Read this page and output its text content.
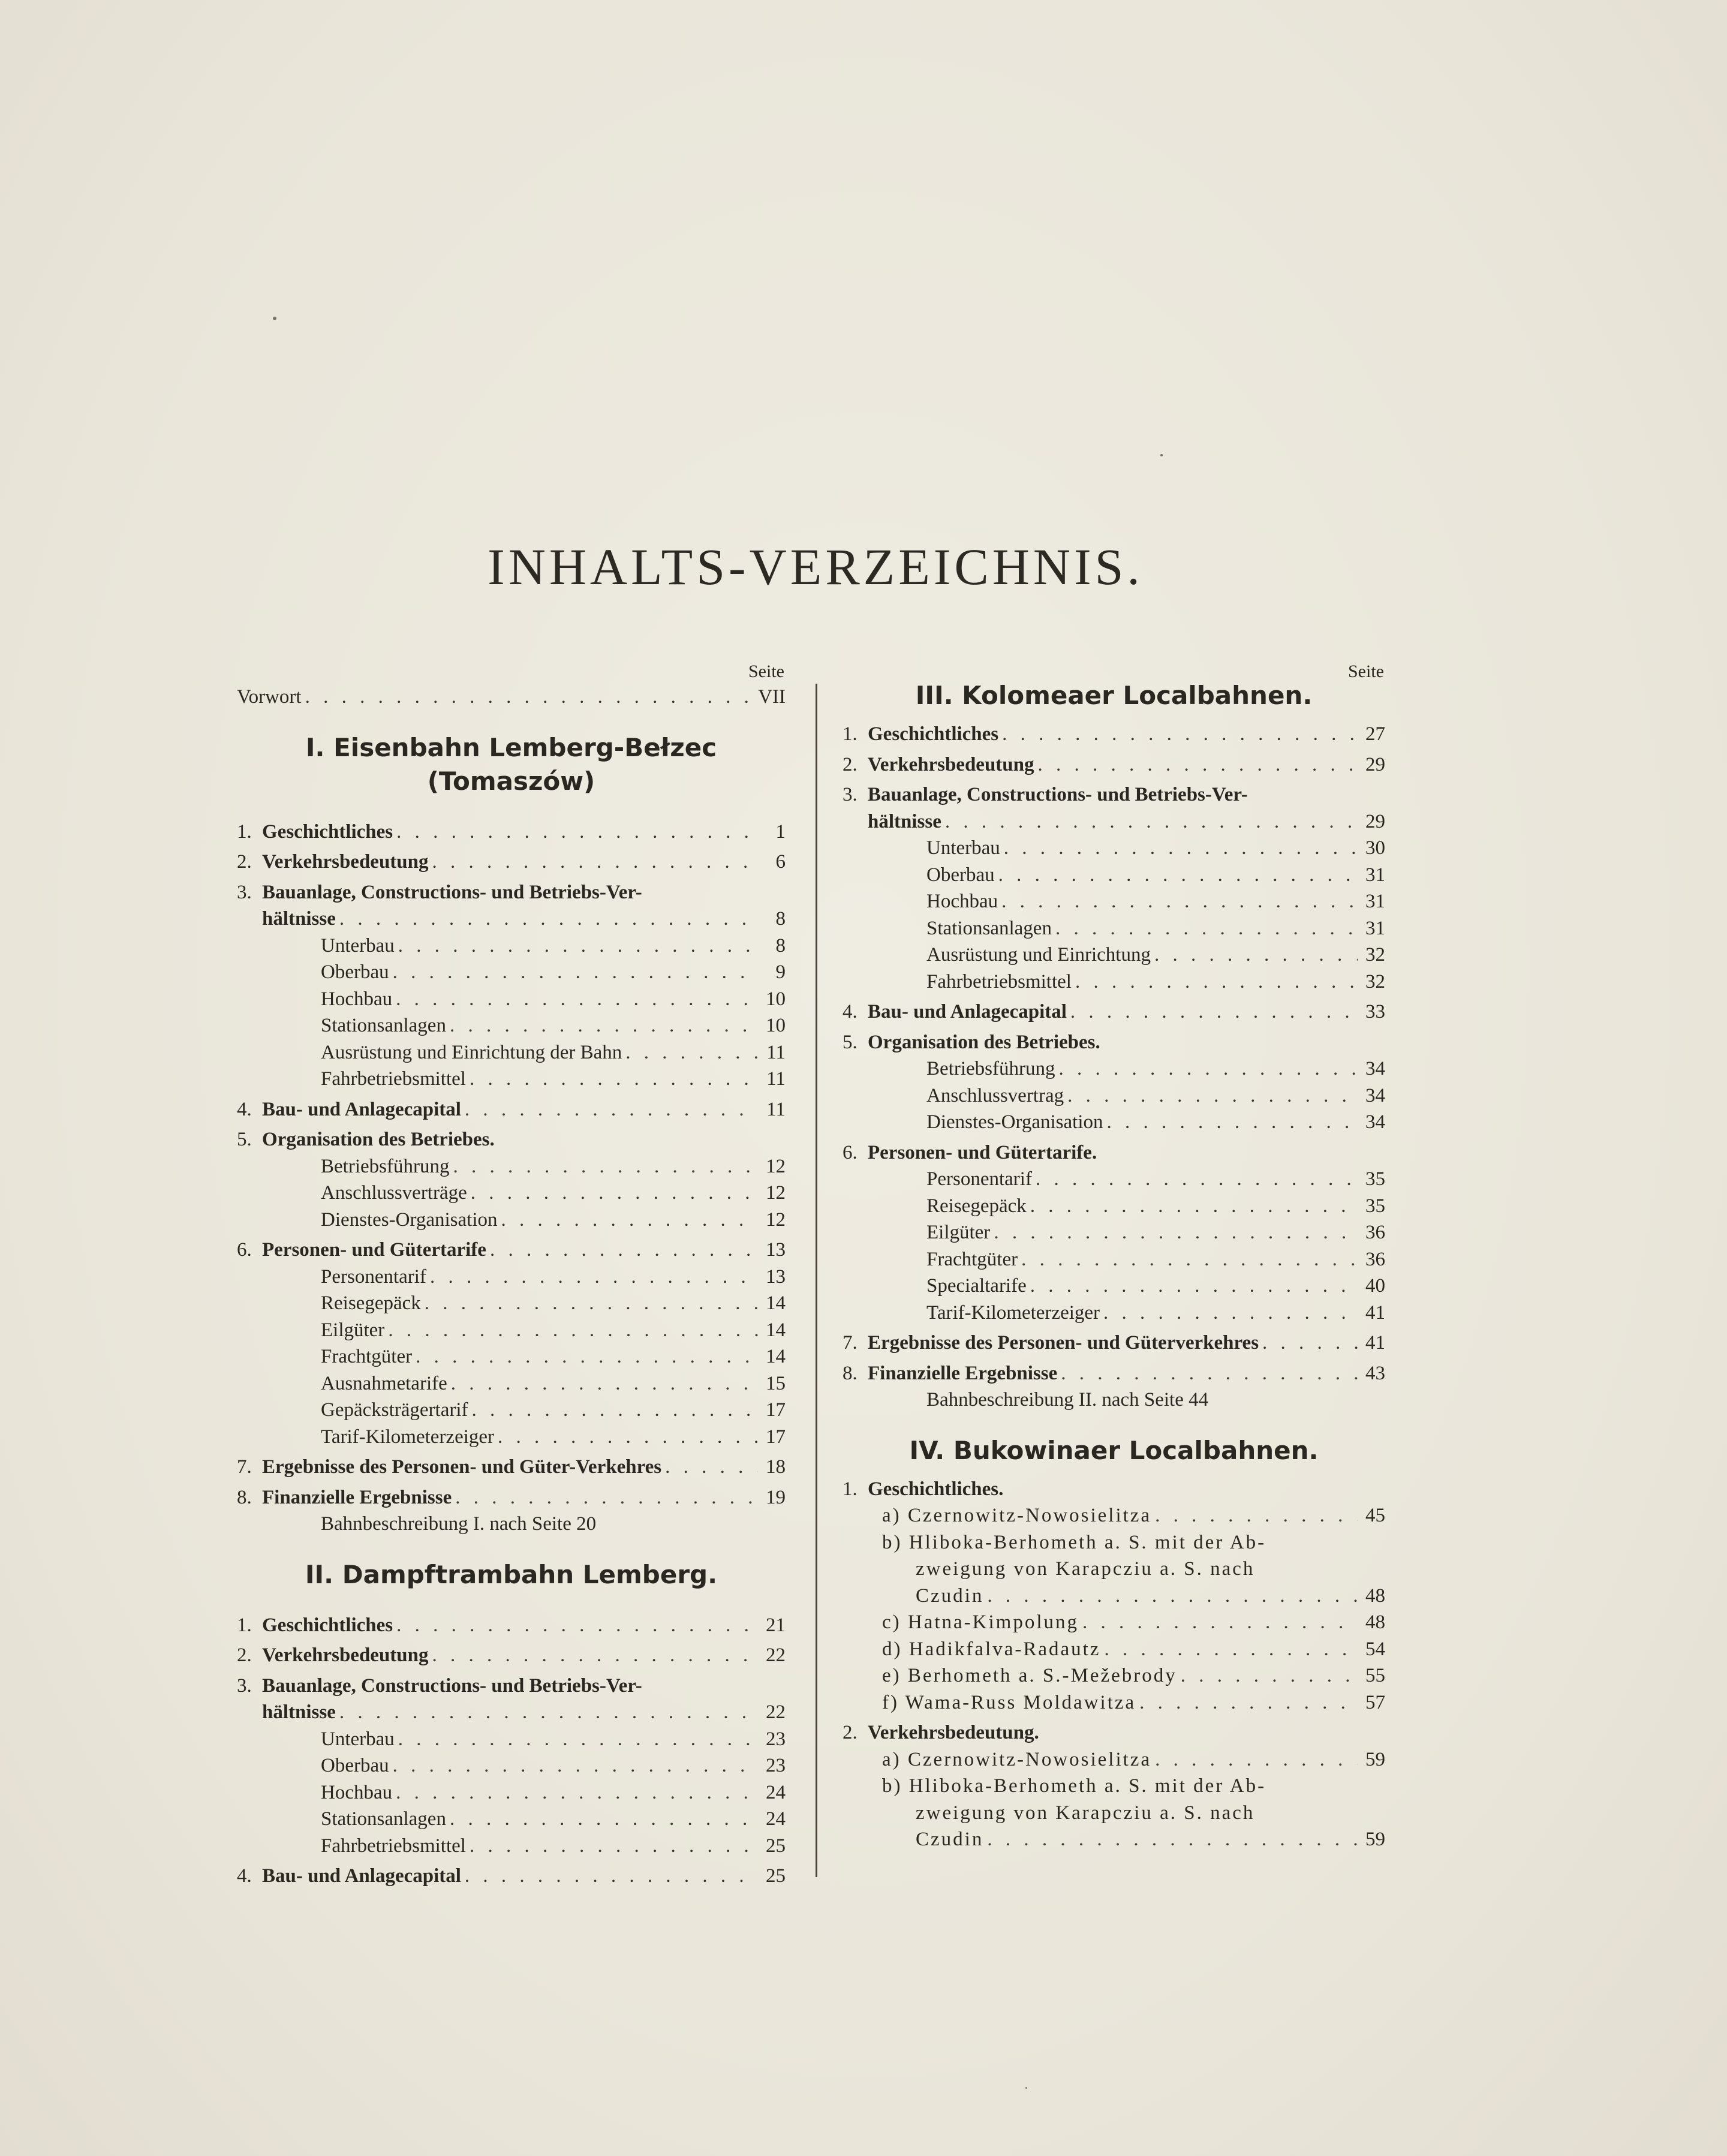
INHALTS-VERZEICHNIS.
Seite
Vorwort . . .	VII
I. Eisenbahn Lemberg-Bełzec (Tomaszów)
1. Geschichtliches . . .	1
2. Verkehrsbedeutung . . .	6
3. Bauanlage, Constructions- und Betriebs-Ver-
hältnisse . . .	8
Unterbau . . .	8
Oberbau . . .	9
Hochbau . . .	10
Stationsanlagen . . .	10
Ausrüstung und Einrichtung der Bahn . . .	11
Fahrbetriebsmittel . . .	11
4. Bau- und Anlagecapital . . .	11
5. Organisation des Betriebes.
Betriebsführung . . .	12
Anschlussverträge . . .	12
Dienstes-Organisation . . .	12
6. Personen- und Gütertarife . . .	13
Personentarif . . .	13
Reisegepäck . . .	14
Eilgüter . . .	14
Frachtgüter . . .	14
Ausnahmetarife . . .	15
Gepäcksträgertarif . . .	17
Tarif-Kilometerzeiger . . .	17
7. Ergebnisse des Personen- und Güter-Verkehres . . .	18
8. Finanzielle Ergebnisse . . .	19
Bahnbeschreibung I. nach Seite 20
II. Dampftrambahn Lemberg.
1. Geschichtliches . . .	21
2. Verkehrsbedeutung . . .	22
3. Bauanlage, Constructions- und Betriebs-Ver-
hältnisse . . .	22
Unterbau . . .	23
Oberbau . . .	23
Hochbau . . .	24
Stationsanlagen . . .	24
Fahrbetriebsmittel . . .	25
4. Bau- und Anlagecapital . . .	25
Seite
III. Kolomeaer Localbahnen.
1. Geschichtliches . . .	27
2. Verkehrsbedeutung . . .	29
3. Bauanlage, Constructions- und Betriebs-Ver-
hältnisse . . .	29
Unterbau . . .	30
Oberbau . . .	31
Hochbau . . .	31
Stationsanlagen . . .	31
Ausrüstung und Einrichtung . . .	32
Fahrbetriebsmittel . . .	32
4. Bau- und Anlagecapital . . .	33
5. Organisation des Betriebes.
Betriebsführung . . .	34
Anschlussvertrag . . .	34
Dienstes-Organisation . . .	34
6. Personen- und Gütertarife.
Personentarif . . .	35
Reisegepäck . . .	35
Eilgüter . . .	36
Frachtgüter . . .	36
Specialtarife . . .	40
Tarif-Kilometerzeiger . . .	41
7. Ergebnisse des Personen- und Güterverkehres . . .	41
8. Finanzielle Ergebnisse . . .	43
Bahnbeschreibung II. nach Seite 44
IV. Bukowinaer Localbahnen.
1. Geschichtliches.
a) Czernowitz-Nowosielitza . . .	45
b) Hliboka-Berhometh a. S. mit der Ab-
zweigung von Karapcziu a. S. nach
Czudin . . .	48
c) Hatna-Kimpolung . . .	48
d) Hadikfalva-Radautz . . .	54
e) Berhometh a. S.-Mežebrody . . .	55
f) Wama-Russ Moldawitza . . .	57
2. Verkehrsbedeutung.
a) Czernowitz-Nowosielitza . . .	59
b) Hliboka-Berhometh a. S. mit der Ab-
zweigung von Karapcziu a. S. nach
Czudin . . .	59
